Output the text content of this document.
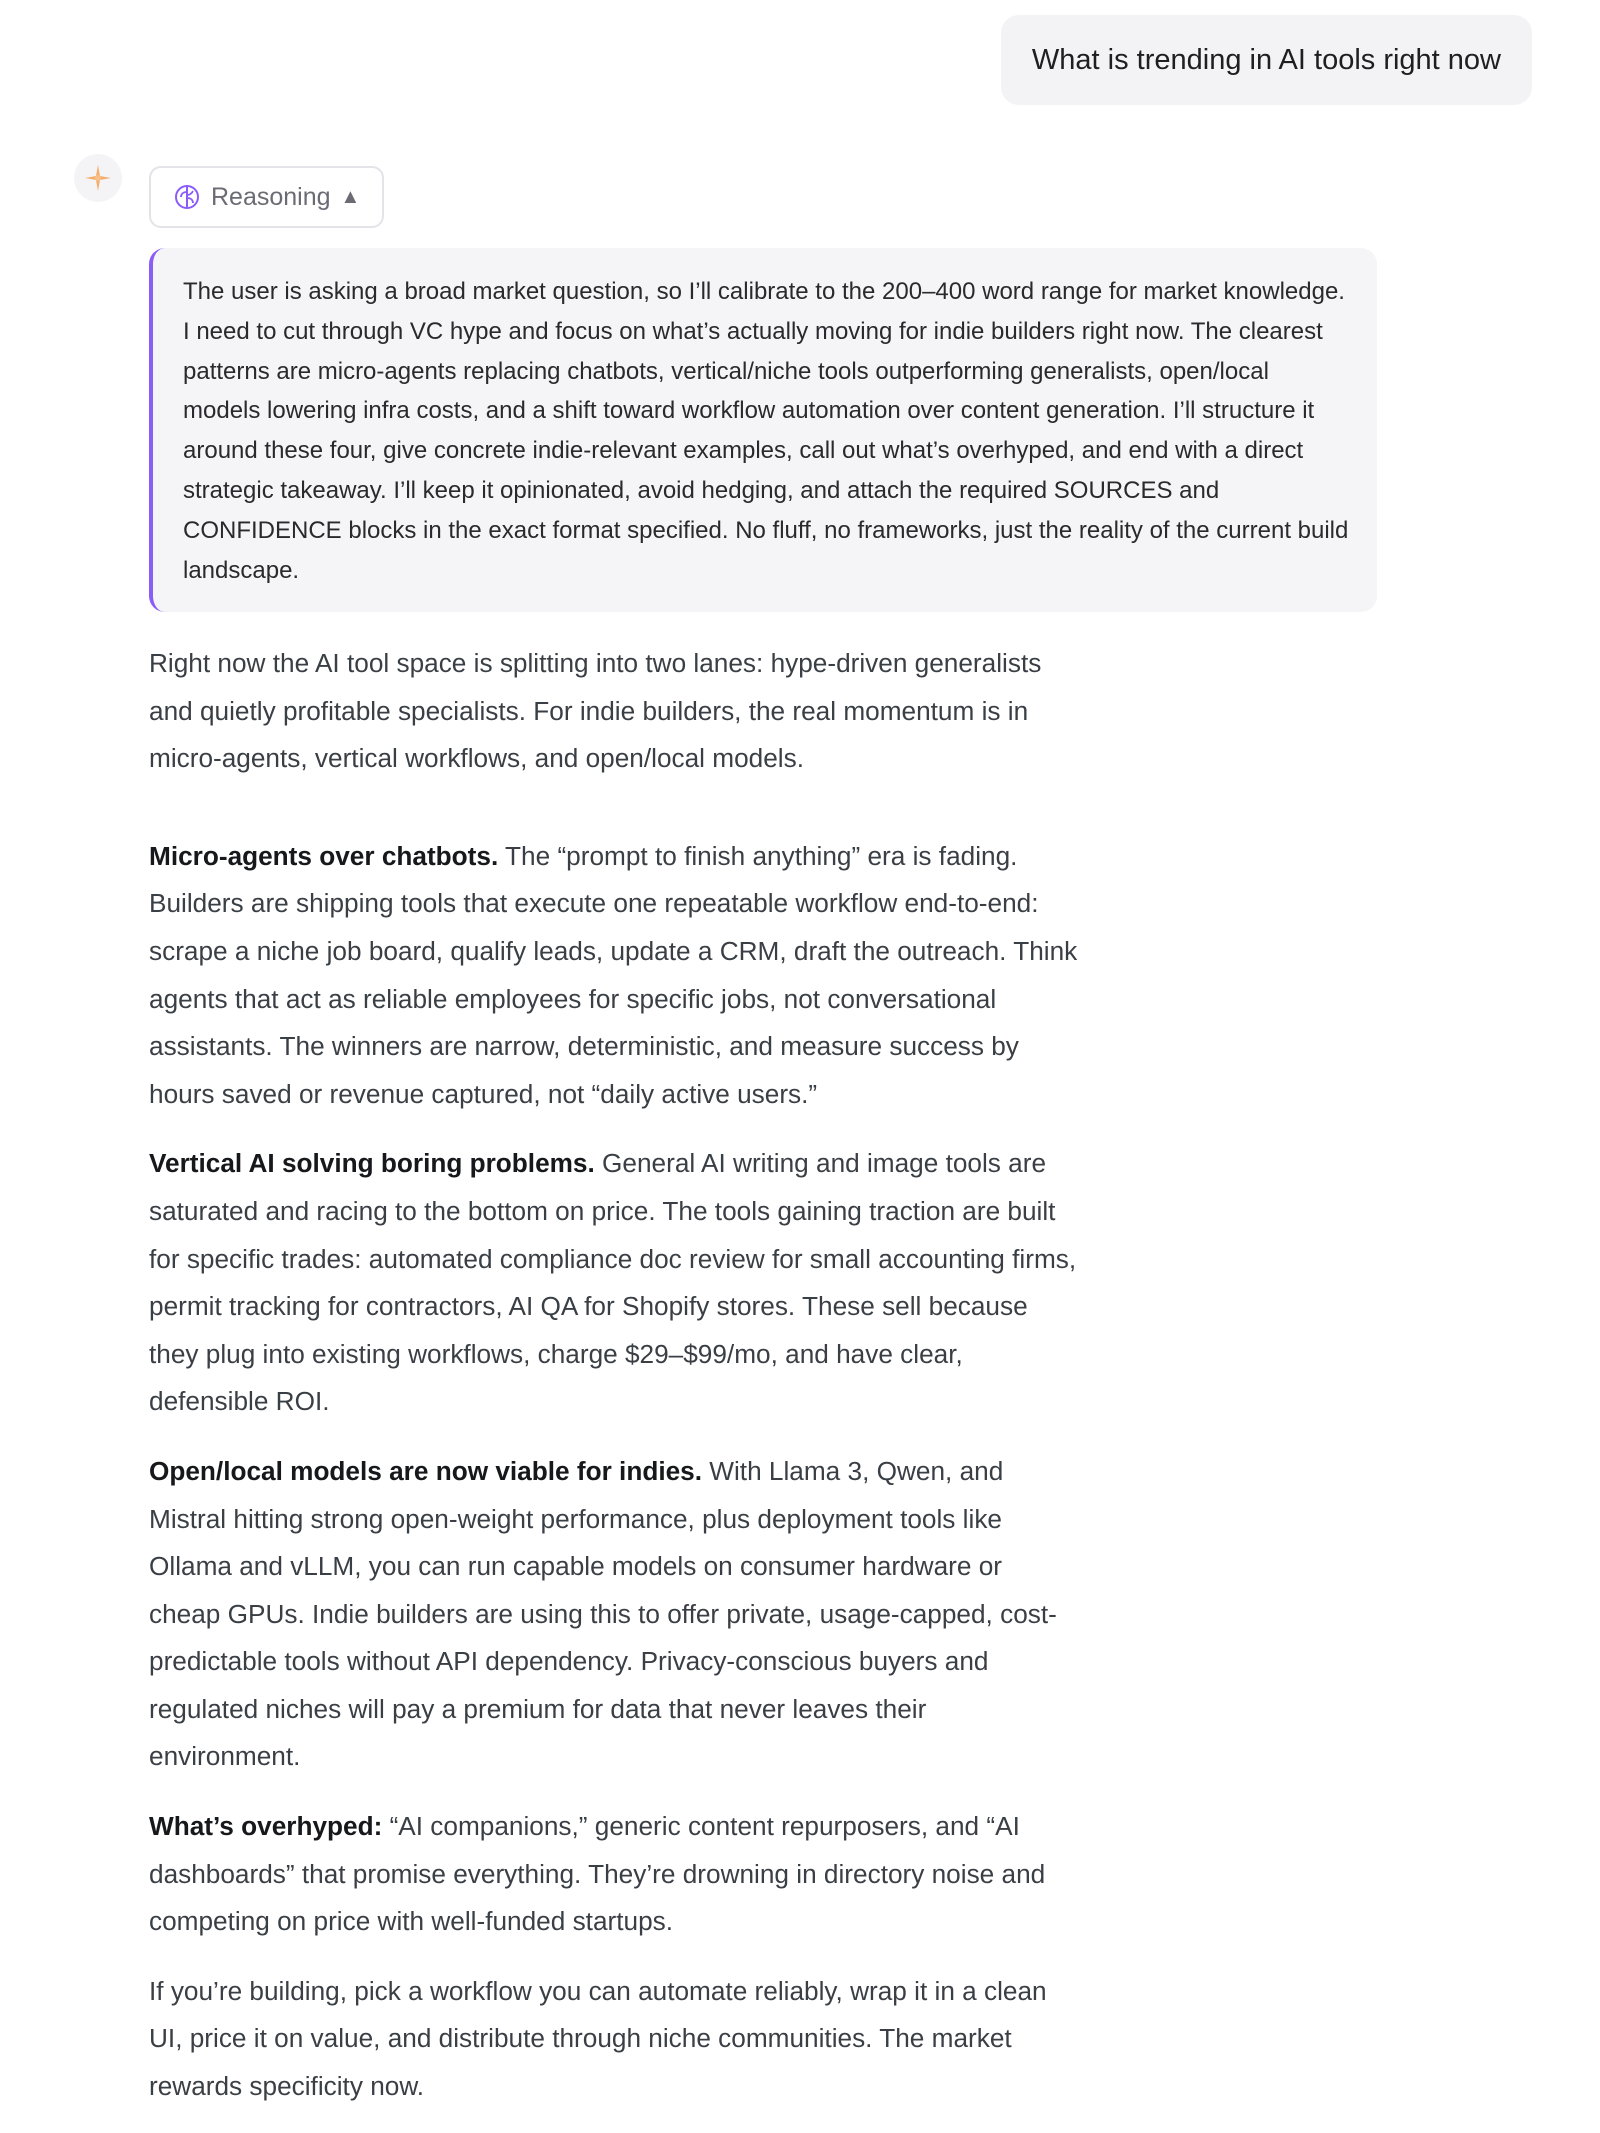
What is trending in AI tools right now
Reasoning ▲
The user is asking a broad market question, so I’ll calibrate to the 200–400 word range for market knowledge. I need to cut through VC hype and focus on what’s actually moving for indie builders right now. The clearest patterns are micro-agents replacing chatbots, vertical/niche tools outperforming generalists, open/local models lowering infra costs, and a shift toward workflow automation over content generation. I’ll structure it around these four, give concrete indie-relevant examples, call out what’s overhyped, and end with a direct strategic takeaway. I’ll keep it opinionated, avoid hedging, and attach the required SOURCES and CONFIDENCE blocks in the exact format specified. No fluff, no frameworks, just the reality of the current build landscape.

Right now the AI tool space is splitting into two lanes: hype-driven generalists and quietly profitable specialists. For indie builders, the real momentum is in micro-agents, vertical workflows, and open/local models.

Micro-agents over chatbots. The “prompt to finish anything” era is fading. Builders are shipping tools that execute one repeatable workflow end-to-end: scrape a niche job board, qualify leads, update a CRM, draft the outreach. Think agents that act as reliable employees for specific jobs, not conversational assistants. The winners are narrow, deterministic, and measure success by hours saved or revenue captured, not “daily active users.”

Vertical AI solving boring problems. General AI writing and image tools are saturated and racing to the bottom on price. The tools gaining traction are built for specific trades: automated compliance doc review for small accounting firms, permit tracking for contractors, AI QA for Shopify stores. These sell because they plug into existing workflows, charge $29–$99/mo, and have clear, defensible ROI.

Open/local models are now viable for indies. With Llama 3, Qwen, and Mistral hitting strong open-weight performance, plus deployment tools like Ollama and vLLM, you can run capable models on consumer hardware or cheap GPUs. Indie builders are using this to offer private, usage-capped, cost-predictable tools without API dependency. Privacy-conscious buyers and regulated niches will pay a premium for data that never leaves their environment.

What’s overhyped: “AI companions,” generic content repurposers, and “AI dashboards” that promise everything. They’re drowning in directory noise and competing on price with well-funded startups.

If you’re building, pick a workflow you can automate reliably, wrap it in a clean UI, price it on value, and distribute through niche communities. The market rewards specificity now.
